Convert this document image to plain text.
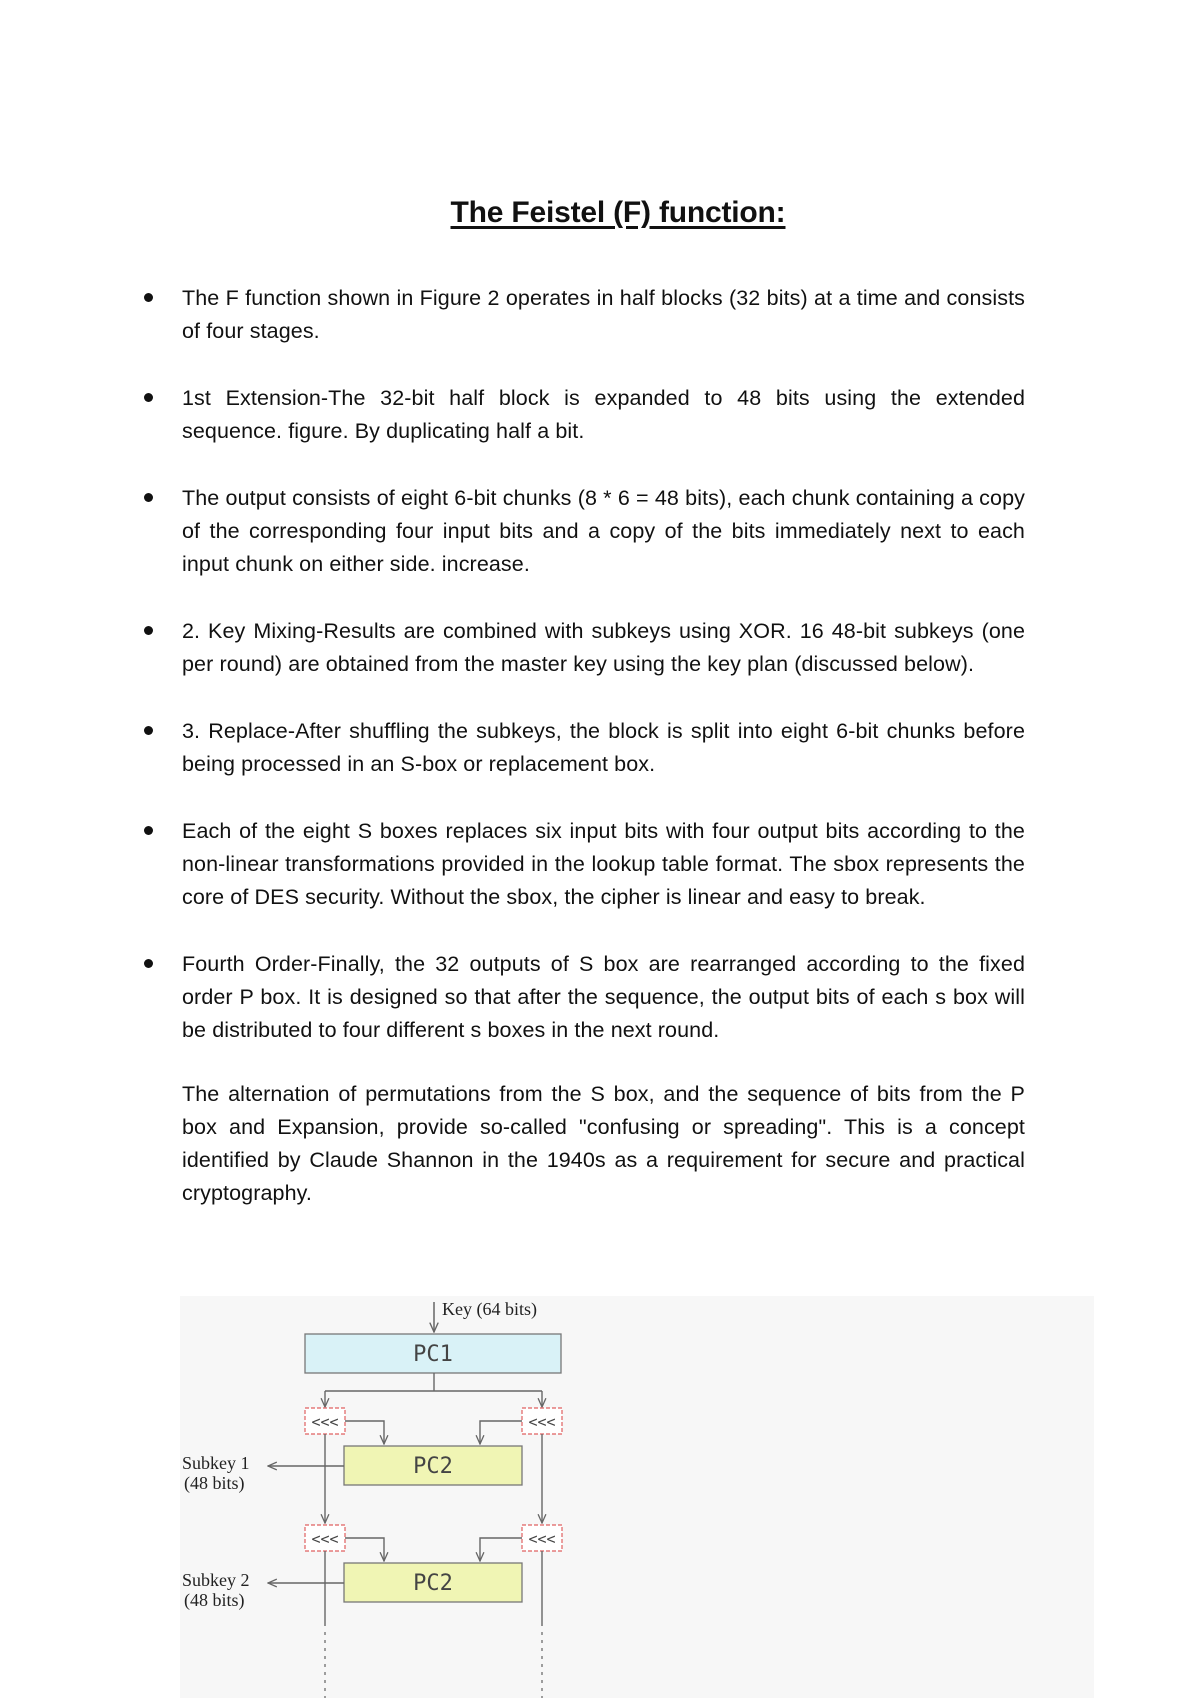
The Feistel (F) function:
The F function shown in Figure 2 operates in half blocks (32 bits) at a time and consists of four stages.
1st Extension-The 32-bit half block is expanded to 48 bits using the extended sequence. figure. By duplicating half a bit.
The output consists of eight 6-bit chunks (8 * 6 = 48 bits), each chunk containing a copy of the corresponding four input bits and a copy of the bits immediately next to each input chunk on either side. increase.
2. Key Mixing-Results are combined with subkeys using XOR. 16 48-bit subkeys (one per round) are obtained from the master key using the key plan (discussed below).
3. Replace-After shuffling the subkeys, the block is split into eight 6-bit chunks before being processed in an S-box or replacement box.
Each of the eight S boxes replaces six input bits with four output bits according to the non-linear transformations provided in the lookup table format. The sbox represents the core of DES security. Without the sbox, the cipher is linear and easy to break.
Fourth Order-Finally, the 32 outputs of S box are rearranged according to the fixed order P box. It is designed so that after the sequence, the output bits of each s box will be distributed to four different s boxes in the next round.
The alternation of permutations from the S box, and the sequence of bits from the P box and Expansion, provide so-called "confusing or spreading". This is a concept identified by Claude Shannon in the 1940s as a requirement for secure and practical cryptography.
Key (64 bits)
PC1
<<<	<<<
PC2
Subkey 1
(48 bits)
<<<	<<<
PC2
Subkey 2
(48 bits)
